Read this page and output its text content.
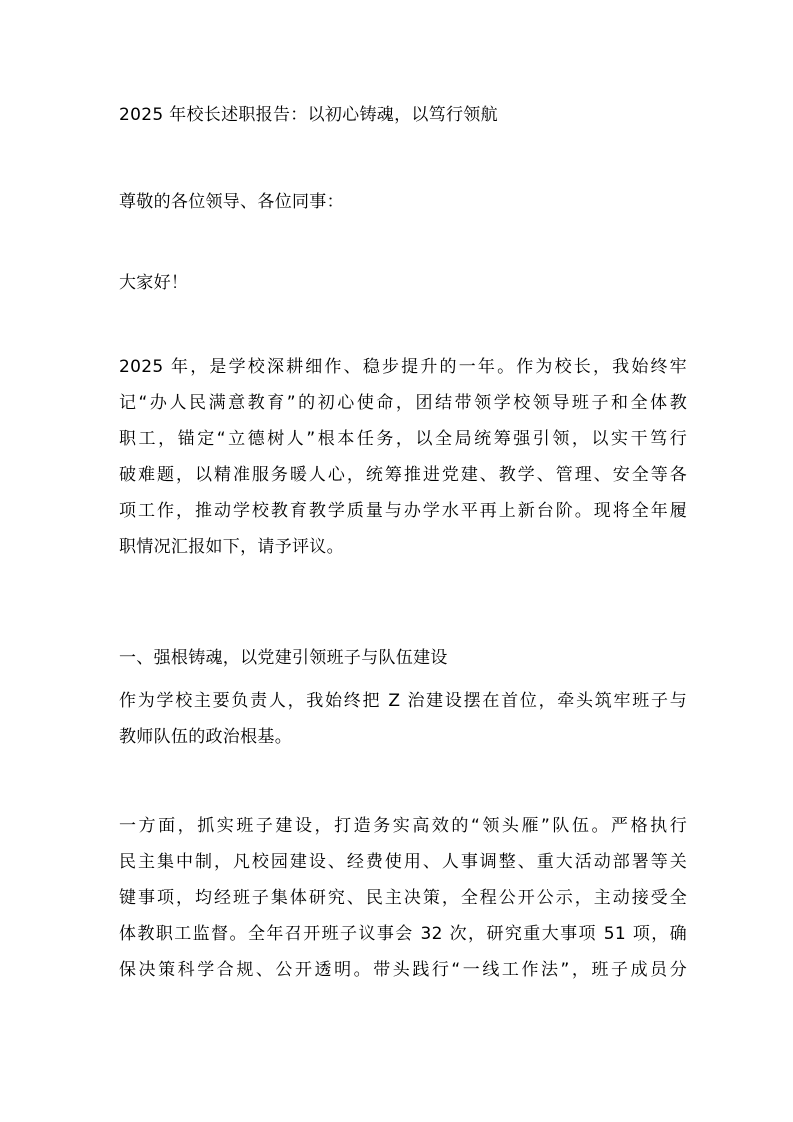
2025 年校长述职报告：以初心铸魂，以笃行领航
尊敬的各位领导、各位同事：
大家好！
2025 年，是学校深耕细作、稳步提升的一年。作为校长，我始终牢
记“办人民满意教育”的初心使命，团结带领学校领导班子和全体教
职工，锚定“立德树人”根本任务，以全局统筹强引领，以实干笃行
破难题，以精准服务暖人心，统筹推进党建、教学、管理、安全等各
项工作，推动学校教育教学质量与办学水平再上新台阶。现将全年履
职情况汇报如下，请予评议。
一、强根铸魂，以党建引领班子与队伍建设
作为学校主要负责人，我始终把 Z 治建设摆在首位，牵头筑牢班子与
教师队伍的政治根基。
一方面，抓实班子建设，打造务实高效的“领头雁”队伍。严格执行
民主集中制，凡校园建设、经费使用、人事调整、重大活动部署等关
键事项，均经班子集体研究、民主决策，全程公开公示，主动接受全
体教职工监督。全年召开班子议事会 32 次，研究重大事项 51 项，确
保决策科学合规、公开透明。带头践行“一线工作法”，班子成员分
